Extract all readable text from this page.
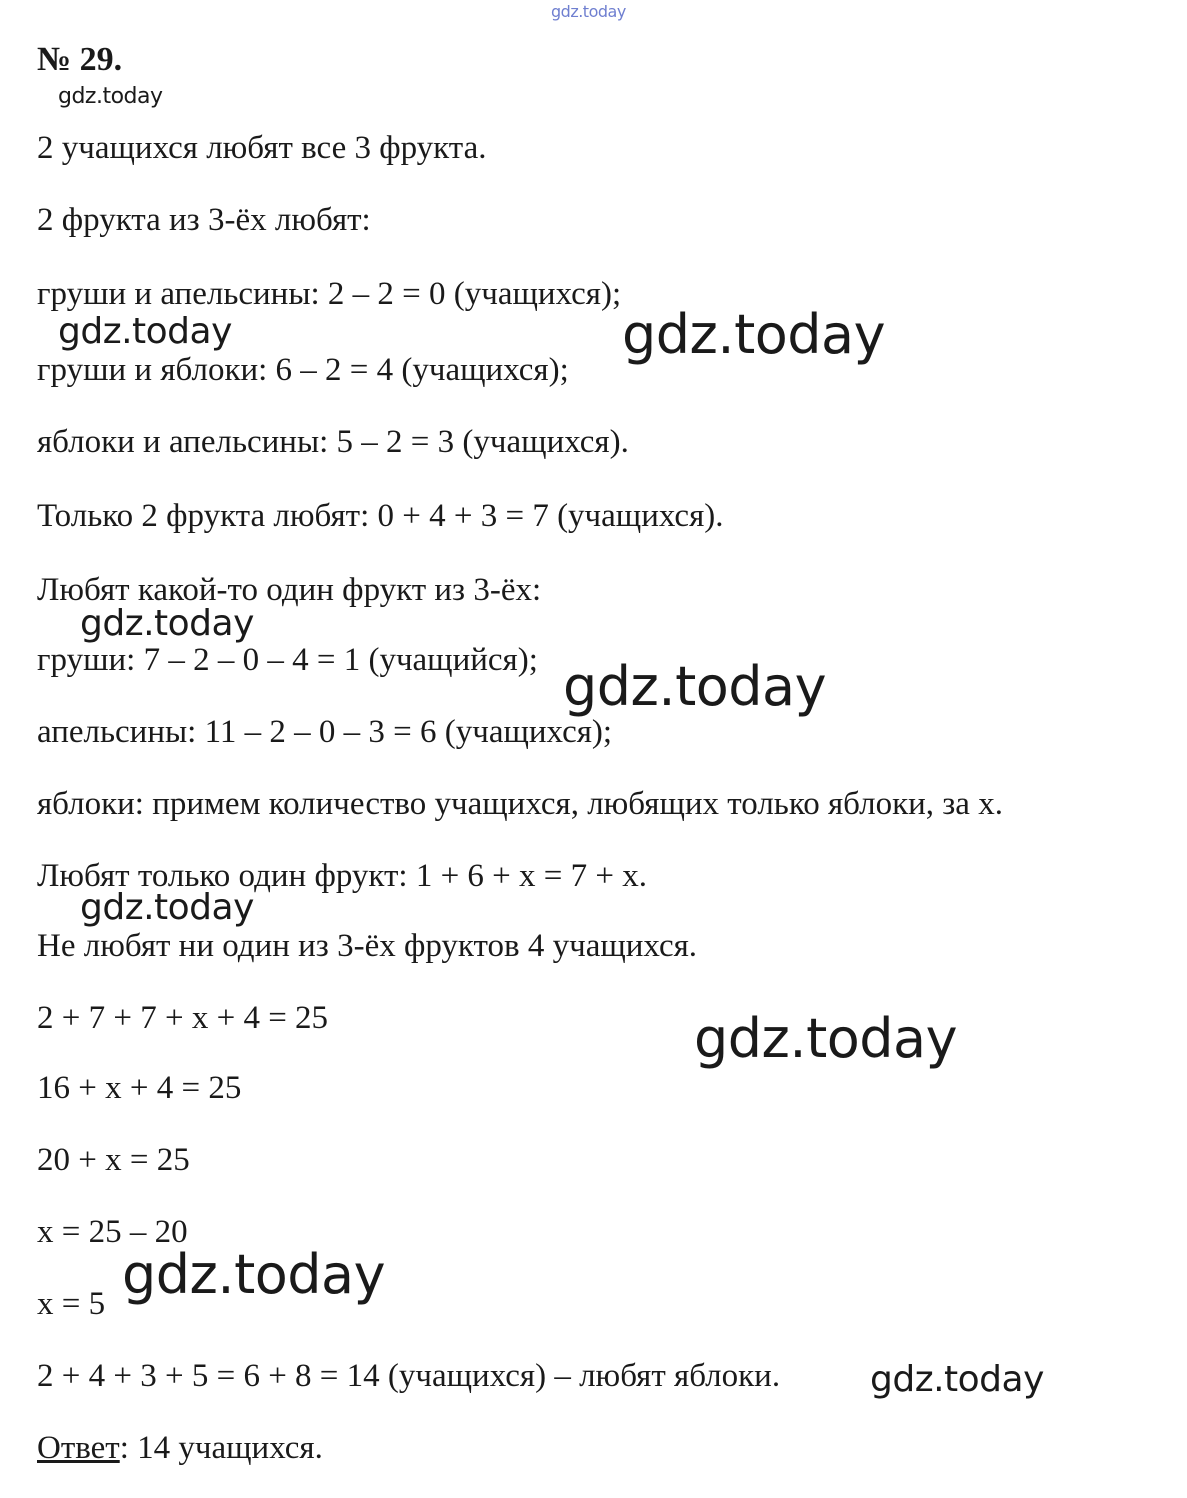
gdz.today
№ 29.
gdz.today
2 учащихся любят все 3 фрукта.
2 фрукта из 3-ёх любят:
груши и апельсины: 2 – 2 = 0 (учащихся);
gdz.today	gdz.today
груши и яблоки: 6 – 2 = 4 (учащихся);
яблоки и апельсины: 5 – 2 = 3 (учащихся).
Только 2 фрукта любят: 0 + 4 + 3 = 7 (учащихся).
Любят какой-то один фрукт из 3-ёх:
gdz.today
груши: 7 – 2 – 0 – 4 = 1 (учащийся); gdz.today
апельсины: 11 – 2 – 0 – 3 = 6 (учащихся);
яблоки: примем количество учащихся, любящих только яблоки, за x.
Любят только один фрукт: 1 + 6 + x = 7 + x.
gdz.today
Не любят ни один из 3-ёх фруктов 4 учащихся.
2 + 7 + 7 + x + 4 = 25	gdz.today
16 + x + 4 = 25
20 + x = 25
x = 25 – 20
gdz.today
x = 5
2 + 4 + 3 + 5 = 6 + 8 = 14 (учащихся) – любят яблоки. gdz.today
Ответ: 14 учащихся.
